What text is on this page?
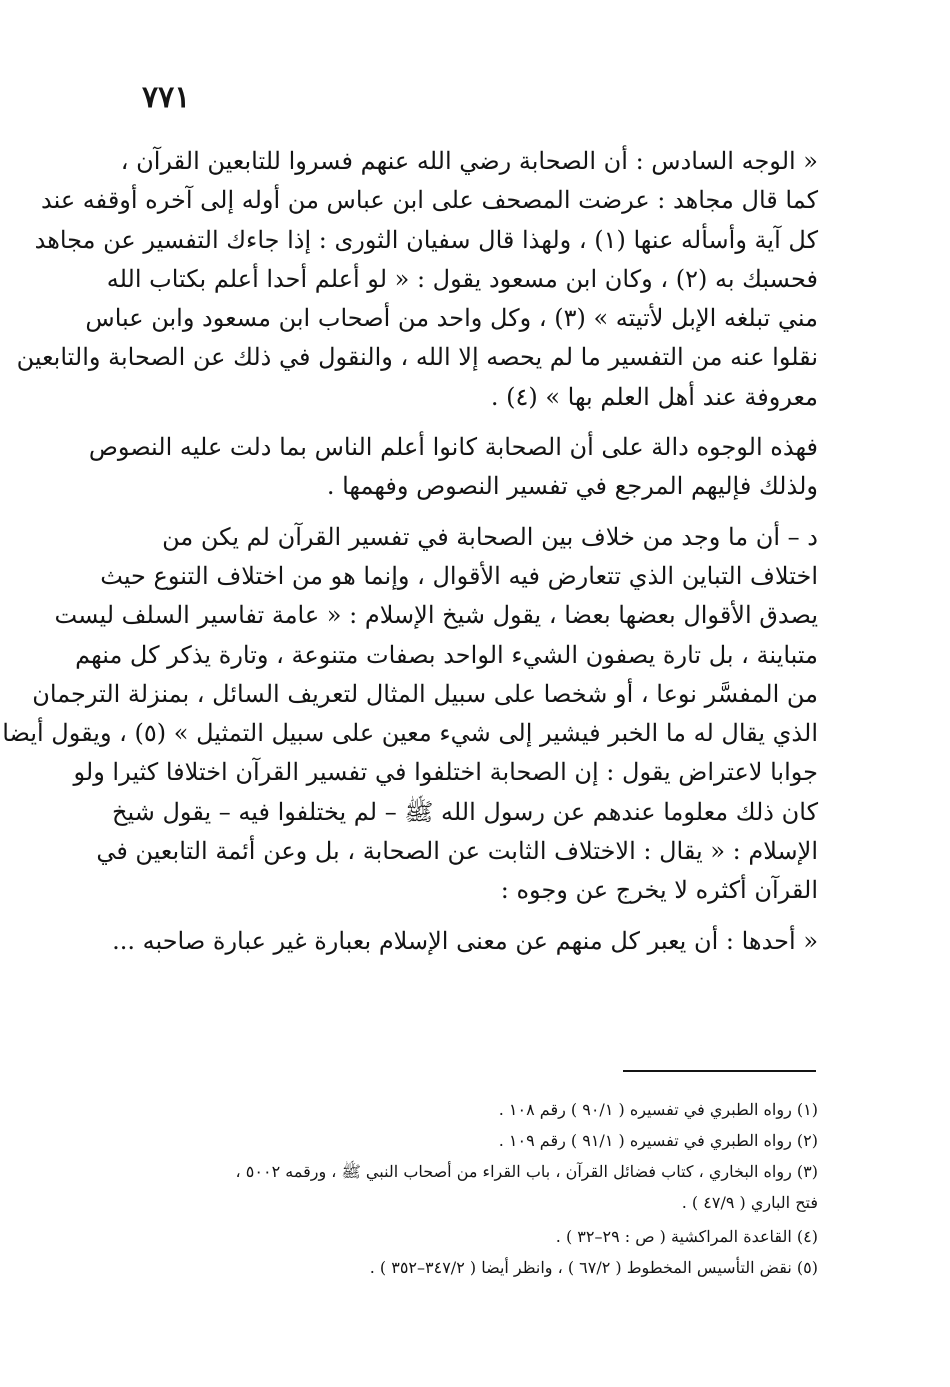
٧٧١
« الوجه السادس : أن الصحابة رضي الله عنهم فسروا للتابعين القرآن ،
كما قال مجاهد : عرضت المصحف على ابن عباس من أوله إلى آخره أوقفه عند
كل آية وأسأله عنها (١) ، ولهذا قال سفيان الثورى : إذا جاءك التفسير عن مجاهد
فحسبك به (٢) ، وكان ابن مسعود يقول : « لو أعلم أحدا أعلم بكتاب الله
مني تبلغه الإبل لأتيته » (٣) ، وكل واحد من أصحاب ابن مسعود وابن عباس
نقلوا عنه من التفسير ما لم يحصه إلا الله ، والنقول في ذلك عن الصحابة والتابعين
معروفة عند أهل العلم بها » (٤) .
فهذه الوجوه دالة على أن الصحابة كانوا أعلم الناس بما دلت عليه النصوص
ولذلك فإليهم المرجع في تفسير النصوص وفهمها .
د – أن ما وجد من خلاف بين الصحابة في تفسير القرآن لم يكن من
اختلاف التباين الذي تتعارض فيه الأقوال ، وإنما هو من اختلاف التنوع حيث
يصدق الأقوال بعضها بعضا ، يقول شيخ الإسلام : « عامة تفاسير السلف ليست
متباينة ، بل تارة يصفون الشيء الواحد بصفات متنوعة ، وتارة يذكر كل منهم
من المفسَّر نوعا ، أو شخصا على سبيل المثال لتعريف السائل ، بمنزلة الترجمان
الذي يقال له ما الخبر فيشير إلى شيء معين على سبيل التمثيل » (٥) ، ويقول أيضا
جوابا لاعتراض يقول : إن الصحابة اختلفوا في تفسير القرآن اختلافا كثيرا ولو
كان ذلك معلوما عندهم عن رسول الله ﷺ – لم يختلفوا فيه – يقول شيخ
الإسلام : « يقال : الاختلاف الثابت عن الصحابة ، بل وعن أئمة التابعين في
القرآن أكثره لا يخرج عن وجوه :
« أحدها : أن يعبر كل منهم عن معنى الإسلام بعبارة غير عبارة صاحبه ...
(١) رواه الطبري في تفسيره ( ٩٠/١ ) رقم ١٠٨ .
(٢) رواه الطبري في تفسيره ( ٩١/١ ) رقم ١٠٩ .
(٣) رواه البخاري ، كتاب فضائل القرآن ، باب القراء من أصحاب النبي ﷺ ، ورقمه ٥٠٠٢ ،
فتح الباري ( ٤٧/٩ ) .
(٤) القاعدة المراكشية ( ص : ٢٩–٣٢ ) .
(٥) نقض التأسيس المخطوط ( ٦٧/٢ ) ، وانظر أيضا ( ٣٤٧/٢–٣٥٢ ) .
